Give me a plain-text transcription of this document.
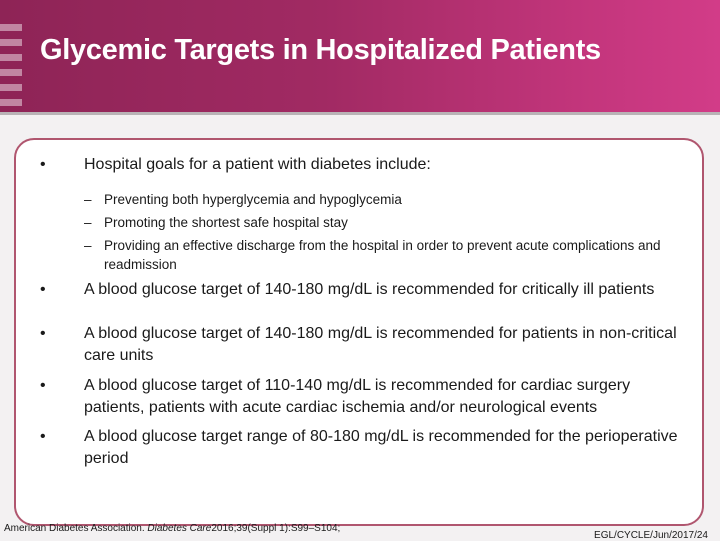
Glycemic Targets in Hospitalized Patients
• Hospital goals for a patient with diabetes include:
– Preventing both hyperglycemia and hypoglycemia
– Promoting the shortest safe hospital stay
– Providing an effective discharge from the hospital in order to prevent acute complications and readmission
• A blood glucose target of 140-180 mg/dL is recommended for critically ill patients
• A blood glucose target of 140-180 mg/dL is recommended for patients in non-critical care units
• A blood glucose target of 110-140 mg/dL is recommended for cardiac surgery patients, patients with acute cardiac ischemia and/or neurological events
• A blood glucose target range of 80-180 mg/dL is recommended for the perioperative period
American Diabetes Association. Diabetes Care2016;39(Suppl 1):S99–S104;
EGL/CYCLE/Jun/2017/24
